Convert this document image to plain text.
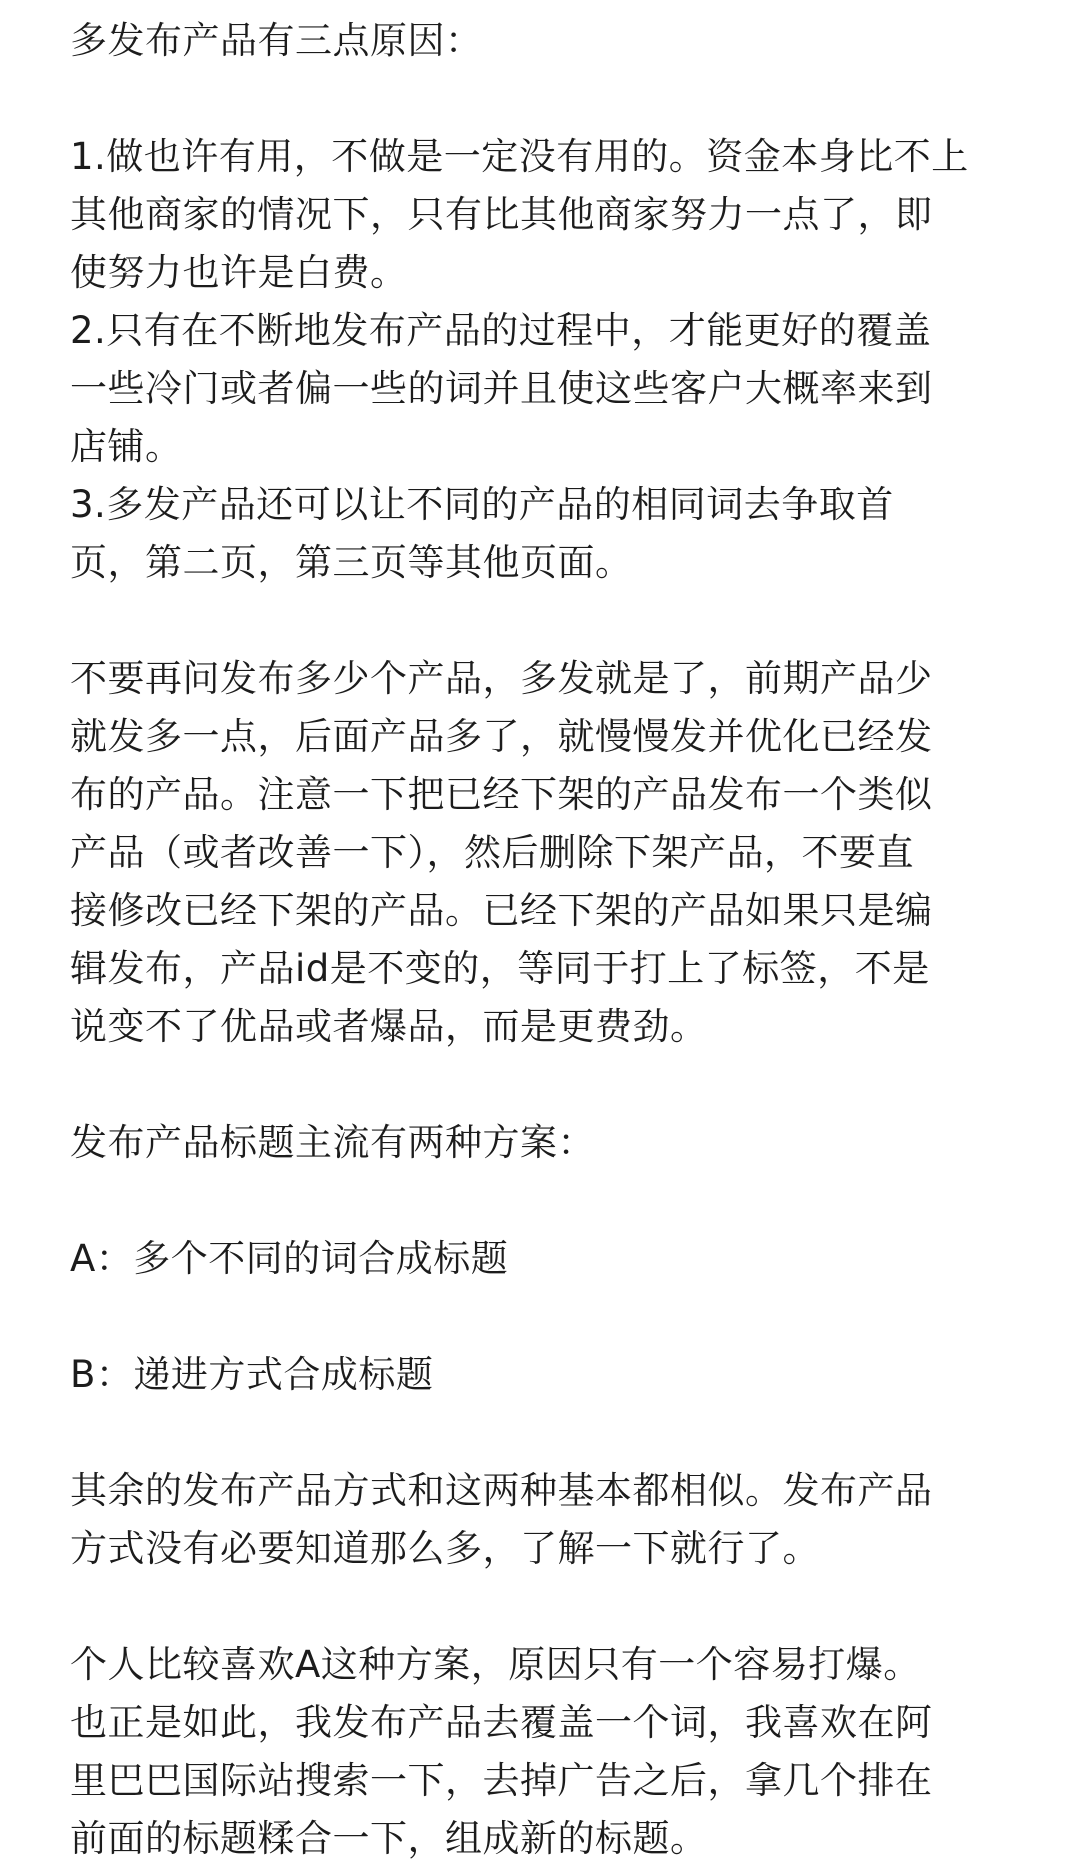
多发布产品有三点原因：
1.做也许有用，不做是一定没有用的。资金本身比不上
其他商家的情况下，只有比其他商家努力一点了，即
使努力也许是白费。
2.只有在不断地发布产品的过程中，才能更好的覆盖
一些冷门或者偏一些的词并且使这些客户大概率来到
店铺。
3.多发产品还可以让不同的产品的相同词去争取首
页，第二页，第三页等其他页面。
不要再问发布多少个产品，多发就是了，前期产品少
就发多一点，后面产品多了，就慢慢发并优化已经发
布的产品。注意一下把已经下架的产品发布一个类似
产品（或者改善一下），然后删除下架产品，不要直
接修改已经下架的产品。已经下架的产品如果只是编
辑发布，产品id是不变的，等同于打上了标签，不是
说变不了优品或者爆品，而是更费劲。
发布产品标题主流有两种方案：
A：多个不同的词合成标题
B：递进方式合成标题
其余的发布产品方式和这两种基本都相似。发布产品
方式没有必要知道那么多，了解一下就行了。
个人比较喜欢A这种方案，原因只有一个容易打爆。
也正是如此，我发布产品去覆盖一个词，我喜欢在阿
里巴巴国际站搜索一下，去掉广告之后，拿几个排在
前面的标题糅合一下，组成新的标题。
